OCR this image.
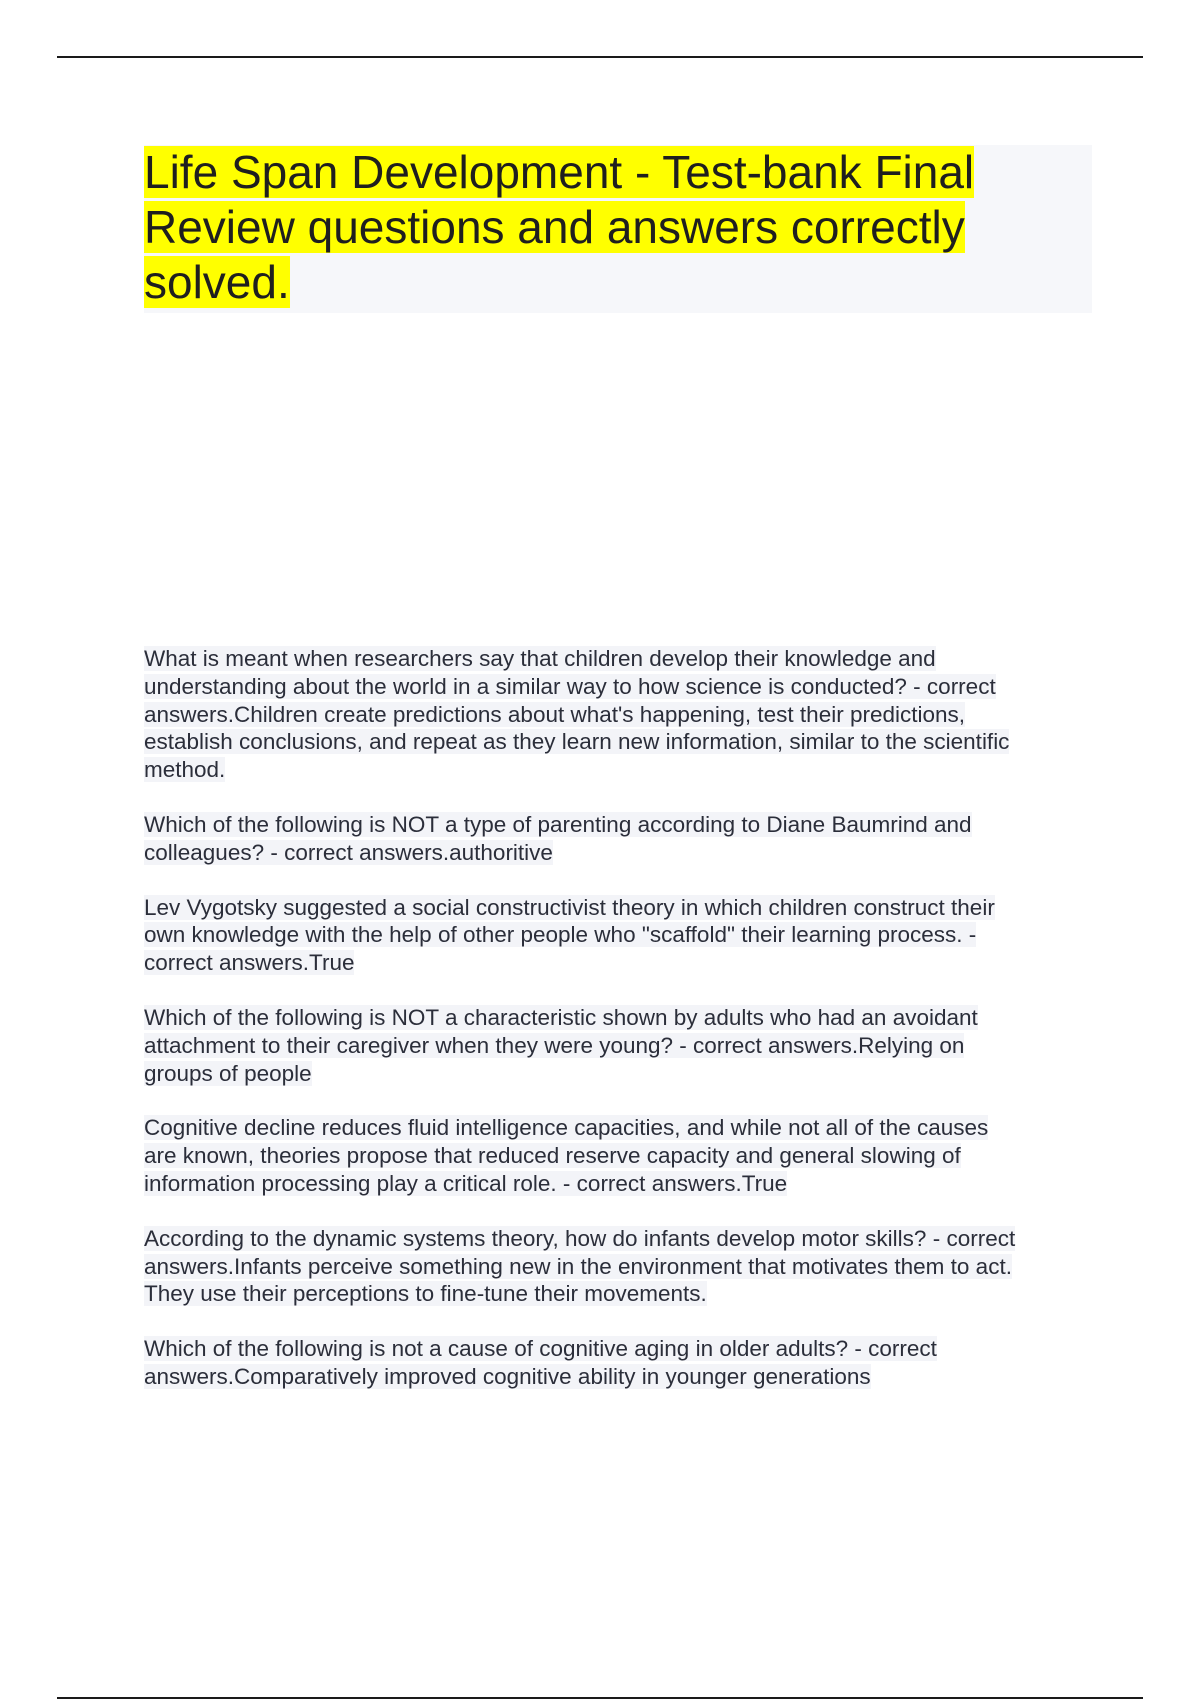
Life Span Development - Test-bank Final
Review questions and answers correctly
solved.

What is meant when researchers say that children develop their knowledge and
understanding about the world in a similar way to how science is conducted? - correct
answers.Children create predictions about what's happening, test their predictions,
establish conclusions, and repeat as they learn new information, similar to the scientific
method.

Which of the following is NOT a type of parenting according to Diane Baumrind and
colleagues? - correct answers.authoritive

Lev Vygotsky suggested a social constructivist theory in which children construct their
own knowledge with the help of other people who "scaffold" their learning process. -
correct answers.True

Which of the following is NOT a characteristic shown by adults who had an avoidant
attachment to their caregiver when they were young? - correct answers.Relying on
groups of people

Cognitive decline reduces fluid intelligence capacities, and while not all of the causes
are known, theories propose that reduced reserve capacity and general slowing of
information processing play a critical role. - correct answers.True

According to the dynamic systems theory, how do infants develop motor skills? - correct
answers.Infants perceive something new in the environment that motivates them to act.
They use their perceptions to fine-tune their movements.

Which of the following is not a cause of cognitive aging in older adults? - correct
answers.Comparatively improved cognitive ability in younger generations
